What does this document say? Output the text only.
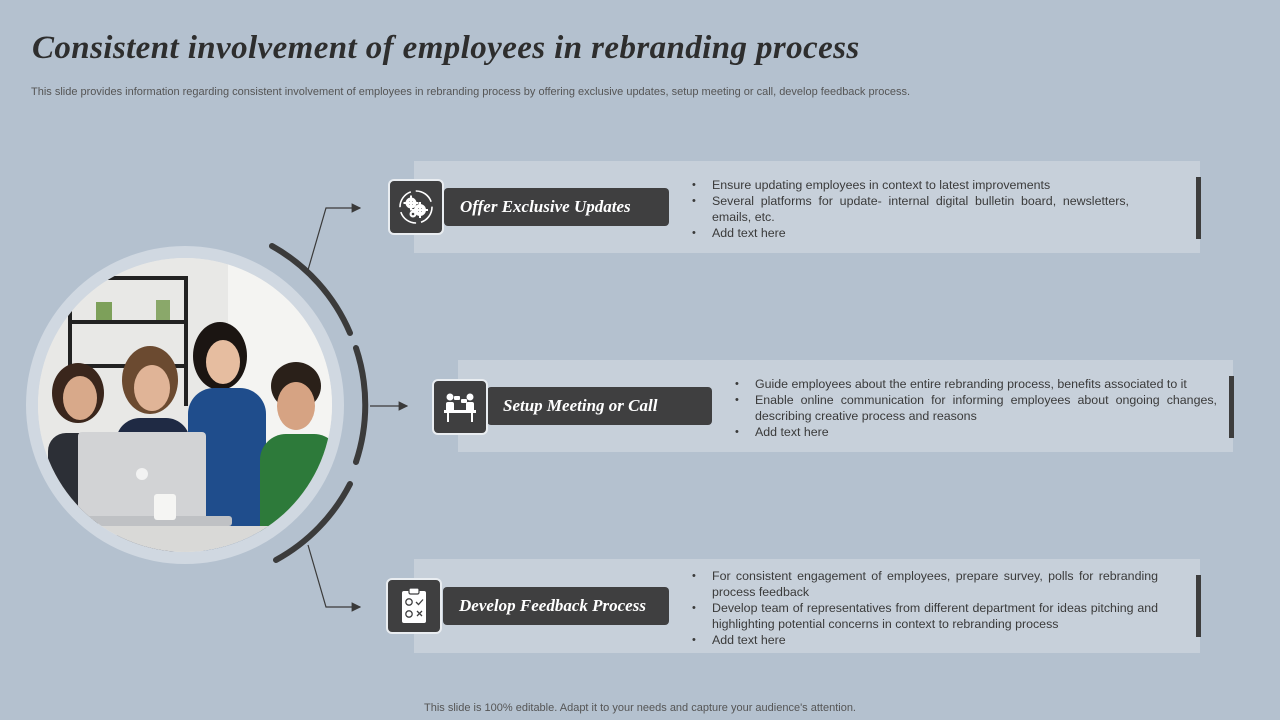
Consistent involvement of employees in rebranding process

This slide provides information regarding consistent involvement of employees in rebranding process by offering exclusive updates, setup meeting or call, develop feedback process.

Offer Exclusive Updates
• Ensure updating employees in context to latest improvements
• Several platforms for update- internal digital bulletin board, newsletters, emails, etc.
• Add text here
Setup Meeting or Call
• Guide employees about the entire rebranding process, benefits associated to it
• Enable online communication for informing employees about ongoing changes, describing creative process and reasons
• Add text here
Develop Feedback Process
• For consistent engagement of employees, prepare survey, polls for rebranding process feedback
• Develop team of representatives from different department for ideas pitching and highlighting potential concerns in context to rebranding process
• Add text here
This slide is 100% editable. Adapt it to your needs and capture your audience's attention.
